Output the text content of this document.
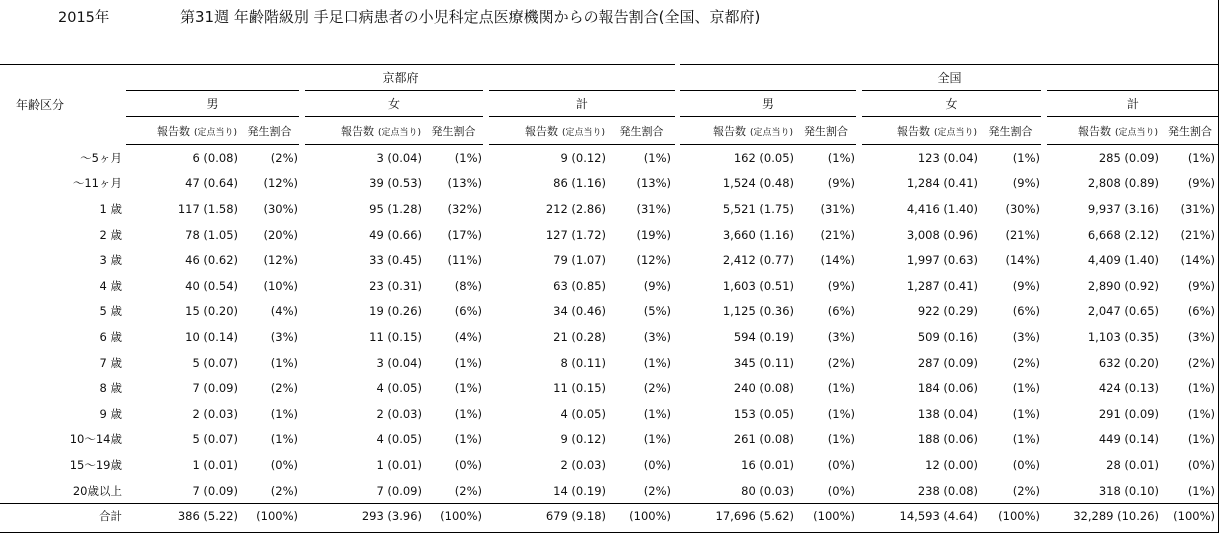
2015年	第31週 年齢階級別 手足口病患者の小児科定点医療機関からの報告割合(全国、京都府)
年齢区分	京都府							全国					
	男		女		計			男		女		計	
	報告数 (定点当り)	発生割合	報告数 (定点当り)	発生割合	報告数 (定点当り)	発生割合		報告数 (定点当り)	発生割合	報告数 (定点当り)	発生割合	報告数 (定点当り)	発生割合
〜5ヶ月	6 (0.08)	(2%)	3 (0.04)	(1%)	9 (0.12)	(1%)		162 (0.05)	(1%)	123 (0.04)	(1%)	285 (0.09)	(1%)
〜11ヶ月	47 (0.64)	(12%)	39 (0.53)	(13%)	86 (1.16)	(13%)		1,524 (0.48)	(9%)	1,284 (0.41)	(9%)	2,808 (0.89)	(9%)
1 歳	117 (1.58)	(30%)	95 (1.28)	(32%)	212 (2.86)	(31%)		5,521 (1.75)	(31%)	4,416 (1.40)	(30%)	9,937 (3.16)	(31%)
2 歳	78 (1.05)	(20%)	49 (0.66)	(17%)	127 (1.72)	(19%)		3,660 (1.16)	(21%)	3,008 (0.96)	(21%)	6,668 (2.12)	(21%)
3 歳	46 (0.62)	(12%)	33 (0.45)	(11%)	79 (1.07)	(12%)		2,412 (0.77)	(14%)	1,997 (0.63)	(14%)	4,409 (1.40)	(14%)
4 歳	40 (0.54)	(10%)	23 (0.31)	(8%)	63 (0.85)	(9%)		1,603 (0.51)	(9%)	1,287 (0.41)	(9%)	2,890 (0.92)	(9%)
5 歳	15 (0.20)	(4%)	19 (0.26)	(6%)	34 (0.46)	(5%)		1,125 (0.36)	(6%)	922 (0.29)	(6%)	2,047 (0.65)	(6%)
6 歳	10 (0.14)	(3%)	11 (0.15)	(4%)	21 (0.28)	(3%)		594 (0.19)	(3%)	509 (0.16)	(3%)	1,103 (0.35)	(3%)
7 歳	5 (0.07)	(1%)	3 (0.04)	(1%)	8 (0.11)	(1%)		345 (0.11)	(2%)	287 (0.09)	(2%)	632 (0.20)	(2%)
8 歳	7 (0.09)	(2%)	4 (0.05)	(1%)	11 (0.15)	(2%)		240 (0.08)	(1%)	184 (0.06)	(1%)	424 (0.13)	(1%)
9 歳	2 (0.03)	(1%)	2 (0.03)	(1%)	4 (0.05)	(1%)		153 (0.05)	(1%)	138 (0.04)	(1%)	291 (0.09)	(1%)
10〜14歳	5 (0.07)	(1%)	4 (0.05)	(1%)	9 (0.12)	(1%)		261 (0.08)	(1%)	188 (0.06)	(1%)	449 (0.14)	(1%)
15〜19歳	1 (0.01)	(0%)	1 (0.01)	(0%)	2 (0.03)	(0%)		16 (0.01)	(0%)	12 (0.00)	(0%)	28 (0.01)	(0%)
20歳以上	7 (0.09)	(2%)	7 (0.09)	(2%)	14 (0.19)	(2%)		80 (0.03)	(0%)	238 (0.08)	(2%)	318 (0.10)	(1%)
合計	386 (5.22)	(100%)	293 (3.96)	(100%)	679 (9.18)	(100%)		17,696 (5.62)	(100%)	14,593 (4.64)	(100%)	32,289 (10.26)	(100%)
